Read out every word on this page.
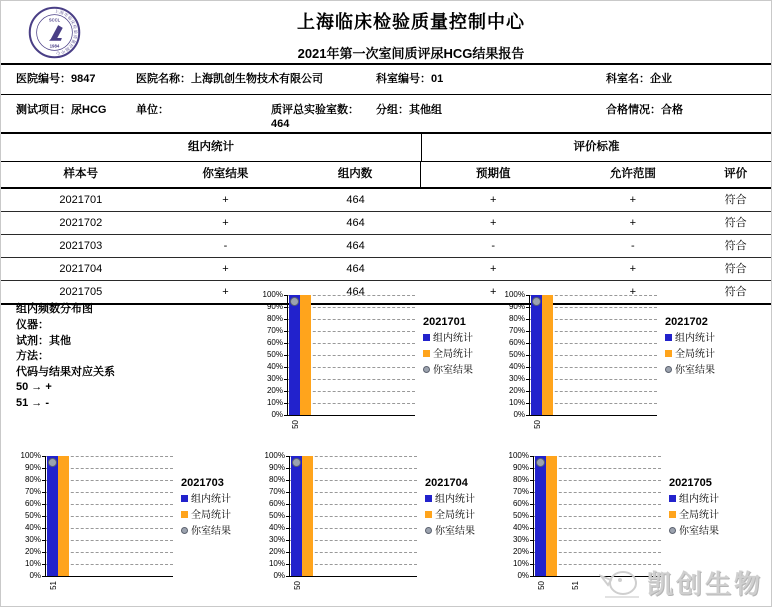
上海市临床检验质量控制中心
SCCL
1984
上海临床检验质量控制中心
2021年第一次室间质评尿HCG结果报告
医院编号：9847	医院名称：上海凯创生物技术有限公司	科室编号：01	科室名：企业
测试项目：尿HCG	单位：	质评总实验室数：464
分组：其他组	合格情况：合格
组内统计	评价标准
样本号	你室结果	组内数	预期值	允许范围	评价
2021701	+	464	+	+	符合
2021702	+	464	+	+	符合
2021703	-	464	-	-	符合
2021704	+	464	+	+	符合
2021705	+	464	+	+	符合
组内频数分布图
仪器：
试剂：其他
方法：
代码与结果对应关系
50 → +
51 → -
0%
10%
20%
30%
40%
50%
60%
70%
80%
90%
100%
50
2021701
组内统计
全局统计
你室结果
0%
10%
20%
30%
40%
50%
60%
70%
80%
90%
100%
50
2021702
组内统计
全局统计
你室结果
0%
10%
20%
30%
40%
50%
60%
70%
80%
90%
100%
51
2021703
组内统计
全局统计
你室结果
0%
10%
20%
30%
40%
50%
60%
70%
80%
90%
100%
50
2021704
组内统计
全局统计
你室结果
0%
10%
20%
30%
40%
50%
60%
70%
80%
90%
100%
50	51
2021705
组内统计
全局统计
你室结果
凯创生物
